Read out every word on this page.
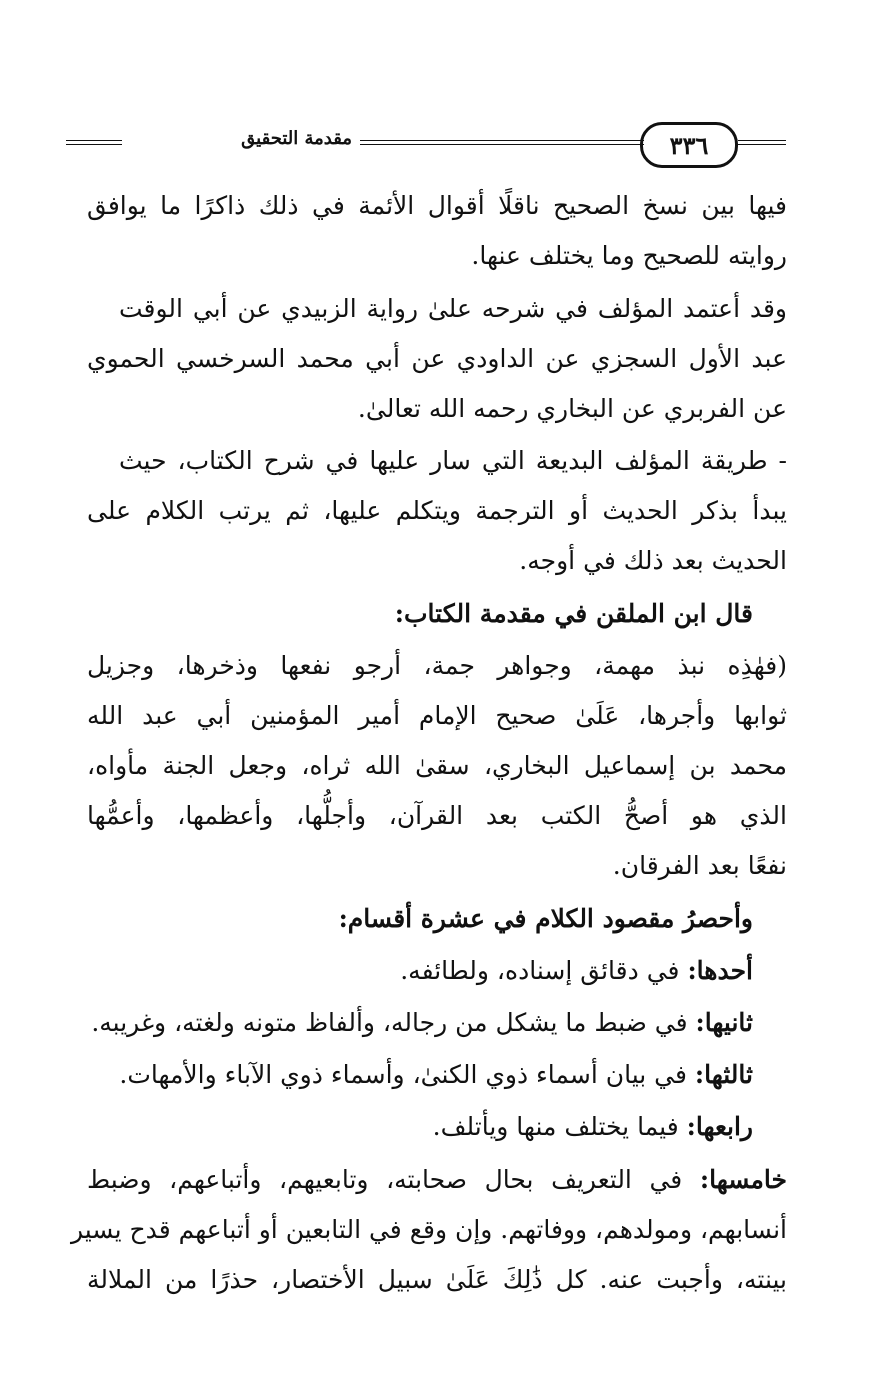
٣٣٦
مقدمة التحقيق
فيها بين نسخ الصحيح ناقلًا أقوال الأئمة في ذلك ذاكرًا ما يوافق
روايته للصحيح وما يختلف عنها.
وقد أعتمد المؤلف في شرحه علىٰ رواية الزبيدي عن أبي الوقت
عبد الأول السجزي عن الداودي عن أبي محمد السرخسي الحموي
عن الفربري عن البخاري رحمه الله تعالىٰ.
- طريقة المؤلف البديعة التي سار عليها في شرح الكتاب، حيث
يبدأ بذكر الحديث أو الترجمة ويتكلم عليها، ثم يرتب الكلام على
الحديث بعد ذلك في أوجه.
قال ابن الملقن في مقدمة الكتاب:
(فهٰذِه نبذ مهمة، وجواهر جمة، أرجو نفعها وذخرها، وجزيل
ثوابها وأجرها، عَلَىٰ صحيح الإمام أمير المؤمنين أبي عبد الله
محمد بن إسماعيل البخاري، سقىٰ الله ثراه، وجعل الجنة مأواه،
الذي هو أصحُّ الكتب بعد القرآن، وأجلُّها، وأعظمها، وأعمُّها
نفعًا بعد الفرقان.
وأحصرُ مقصود الكلام في عشرة أقسام:
أحدها: في دقائق إسناده، ولطائفه.
ثانيها: في ضبط ما يشكل من رجاله، وألفاظ متونه ولغته، وغريبه.
ثالثها: في بيان أسماء ذوي الكنىٰ، وأسماء ذوي الآباء والأمهات.
رابعها: فيما يختلف منها ويأتلف.
خامسها: في التعريف بحال صحابته، وتابعيهم، وأتباعهم، وضبط
أنسابهم، ومولدهم، ووفاتهم. وإن وقع في التابعين أو أتباعهم قدح يسير
بينته، وأجبت عنه. كل ذَٰلِكَ عَلَىٰ سبيل الأختصار، حذرًا من الملالة
